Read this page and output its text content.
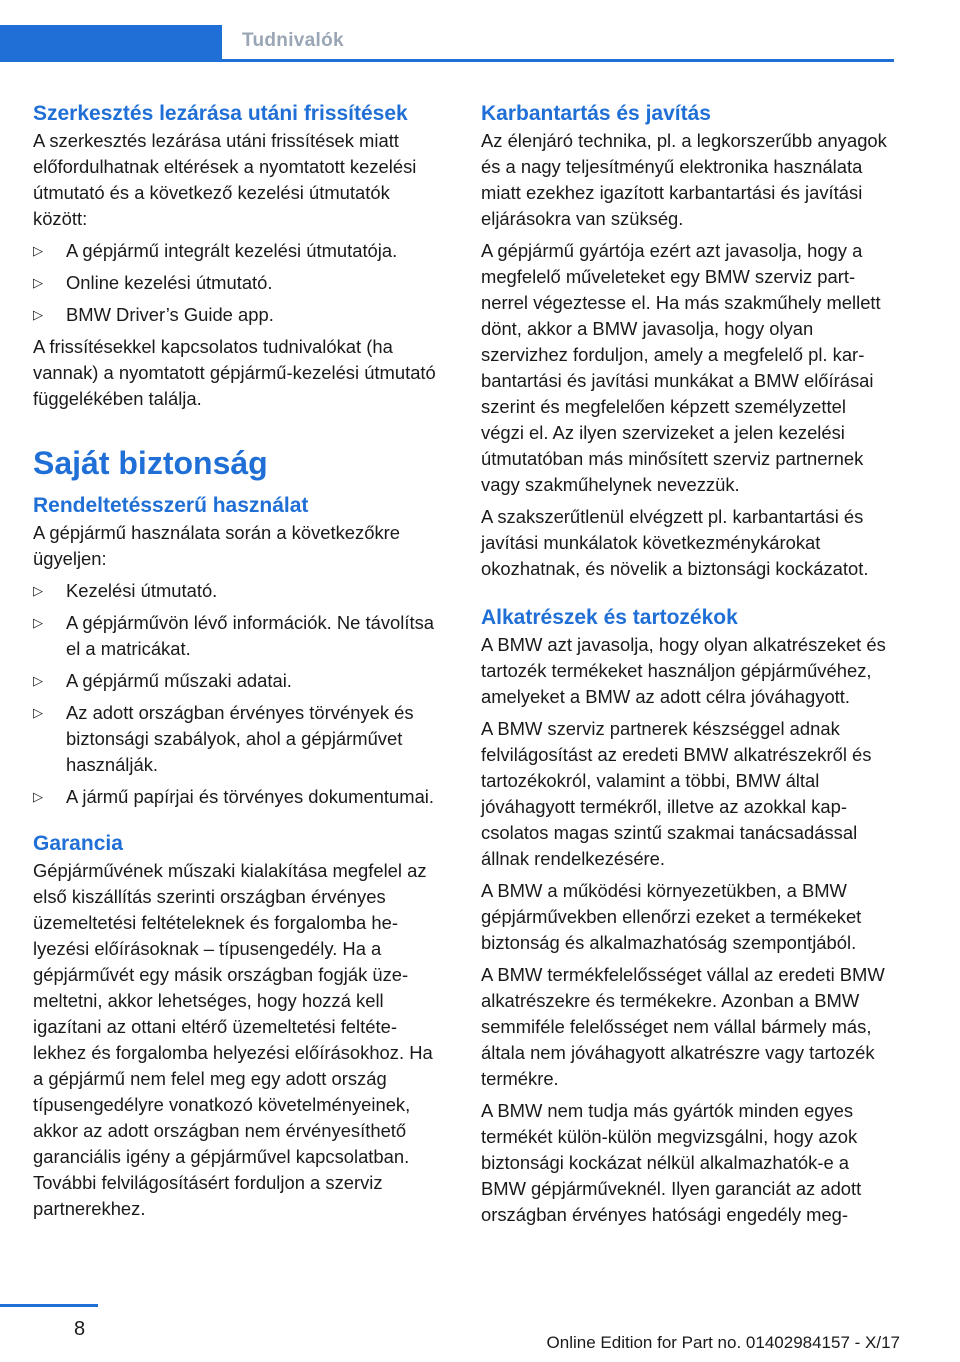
Tudnivalók
Szerkesztés lezárása utáni frissítések

A szerkesztés lezárása utáni frissítések miatt előfordulhatnak eltérések a nyomtatott kezelési útmutató és a következő kezelési útmutatók között:

▷ A gépjármű integrált kezelési útmutatója.
▷ Online kezelési útmutató.
▷ BMW Driver’s Guide app.

A frissítésekkel kapcsolatos tudnivalókat (ha vannak) a nyomtatott gépjármű-kezelési útmutató függelékében találja.

Saját biztonság
Rendeltetésszerű használat

A gépjármű használata során a következőkre ügyeljen:

▷ Kezelési útmutató.
▷ A gépjárművön lévő információk. Ne távolítsa el a matricákat.
▷ A gépjármű műszaki adatai.
▷ Az adott országban érvényes törvények és biztonsági szabályok, ahol a gépjárművet használják.
▷ A jármű papírjai és törvényes dokumentumai.
Garancia

Gépjárművének műszaki kialakítása megfelel az első kiszállítás szerinti országban érvényes üzemeltetési feltételeknek és forgalomba helyezési előírásoknak – típusengedély. Ha a gépjárművét egy másik országban fogják üzemeltetni, akkor lehetséges, hogy hozzá kell igazítani az ottani eltérő üzemeltetési feltételekhez és forgalomba helyezési előírásokhoz. Ha a gépjármű nem felel meg egy adott ország típusengedélyre vonatkozó követelményeinek, akkor az adott országban nem érvényesíthető garanciális igény a gépjárművel kapcsolatban. További felvilágosításért forduljon a szerviz partnerekhez.

Karbantartás és javítás

Az élenjáró technika, pl. a legkorszerűbb anyagok és a nagy teljesítményű elektronika használata miatt ezekhez igazított karbantartási és javítási eljárásokra van szükség.

A gépjármű gyártója ezért azt javasolja, hogy a megfelelő műveleteket egy BMW szerviz partnerrel végeztesse el. Ha más szakműhely mellett dönt, akkor a BMW javasolja, hogy olyan szervizhez forduljon, amely a megfelelő pl. karbantartási és javítási munkákat a BMW előírásai szerint és megfelelően képzett személyzettel végzi el. Az ilyen szervizeket a jelen kezelési útmutatóban más minősített szerviz partnernek vagy szakműhelynek nevezzük.

A szakszerűtlenül elvégzett pl. karbantartási és javítási munkálatok következménykárokat okozhatnak, és növelik a biztonsági kockázatot.

Alkatrészek és tartozékok

A BMW azt javasolja, hogy olyan alkatrészeket és tartozék termékeket használjon gépjárművéhez, amelyeket a BMW az adott célra jóváhagyott.

A BMW szerviz partnerek készséggel adnak felvilágosítást az eredeti BMW alkatrészekről és tartozékokról, valamint a többi, BMW által jóváhagyott termékről, illetve az azokkal kapcsolatos magas szintű szakmai tanácsadással állnak rendelkezésére.

A BMW a működési környezetükben, a BMW gépjárművekben ellenőrzi ezeket a termékeket biztonság és alkalmazhatóság szempontjából.

A BMW termékfelelősséget vállal az eredeti BMW alkatrészekre és termékekre. Azonban a BMW semmiféle felelősséget nem vállal bármely más, általa nem jóváhagyott alkatrészre vagy tartozék termékre.

A BMW nem tudja más gyártók minden egyes termékét külön-külön megvizsgálni, hogy azok biztonsági kockázat nélkül alkalmazhatók-e a BMW gépjárműveknél. Ilyen garanciát az adott országban érvényes hatósági engedély meg-

8
Online Edition for Part no. 01402984157 - X/17
